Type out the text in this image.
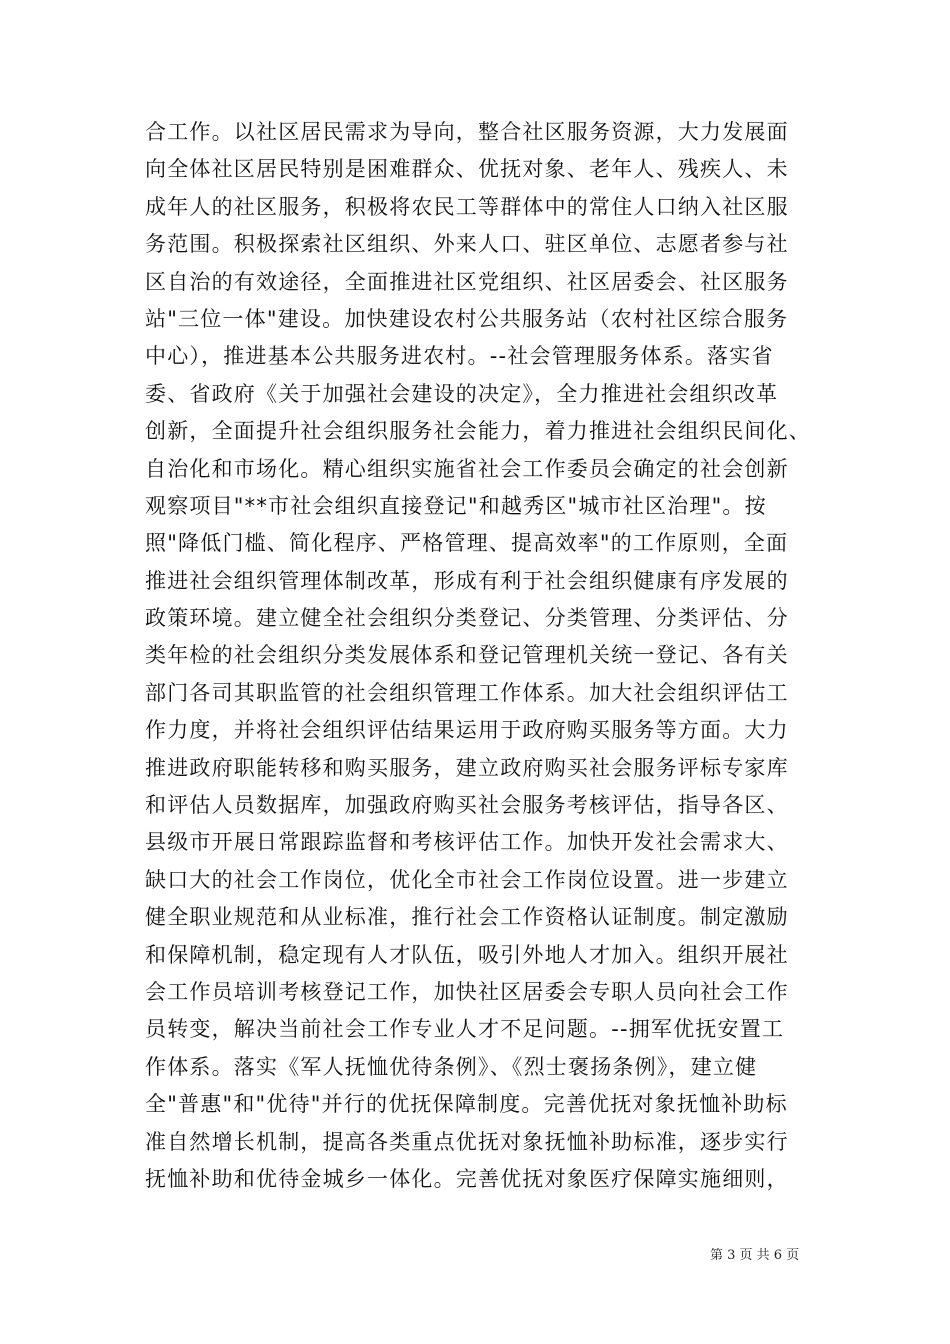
合工作。以社区居民需求为导向，整合社区服务资源，大力发展面
向全体社区居民特别是困难群众、优抚对象、老年人、残疾人、未
成年人的社区服务，积极将农民工等群体中的常住人口纳入社区服
务范围。积极探索社区组织、外来人口、驻区单位、志愿者参与社
区自治的有效途径，全面推进社区党组织、社区居委会、社区服务
站"三位一体"建设。加快建设农村公共服务站（农村社区综合服务
中心），推进基本公共服务进农村。--社会管理服务体系。落实省
委、省政府《关于加强社会建设的决定》，全力推进社会组织改革
创新，全面提升社会组织服务社会能力，着力推进社会组织民间化、
自治化和市场化。精心组织实施省社会工作委员会确定的社会创新
观察项目"**市社会组织直接登记"和越秀区"城市社区治理"。按
照"降低门槛、简化程序、严格管理、提高效率"的工作原则，全面
推进社会组织管理体制改革，形成有利于社会组织健康有序发展的
政策环境。建立健全社会组织分类登记、分类管理、分类评估、分
类年检的社会组织分类发展体系和登记管理机关统一登记、各有关
部门各司其职监管的社会组织管理工作体系。加大社会组织评估工
作力度，并将社会组织评估结果运用于政府购买服务等方面。大力
推进政府职能转移和购买服务，建立政府购买社会服务评标专家库
和评估人员数据库，加强政府购买社会服务考核评估，指导各区、
县级市开展日常跟踪监督和考核评估工作。加快开发社会需求大、
缺口大的社会工作岗位，优化全市社会工作岗位设置。进一步建立
健全职业规范和从业标准，推行社会工作资格认证制度。制定激励
和保障机制，稳定现有人才队伍，吸引外地人才加入。组织开展社
会工作员培训考核登记工作，加快社区居委会专职人员向社会工作
员转变，解决当前社会工作专业人才不足问题。--拥军优抚安置工
作体系。落实《军人抚恤优待条例》、《烈士褒扬条例》，建立健
全"普惠"和"优待"并行的优抚保障制度。完善优抚对象抚恤补助标
准自然增长机制，提高各类重点优抚对象抚恤补助标准，逐步实行
抚恤补助和优待金城乡一体化。完善优抚对象医疗保障实施细则，
第 3 页 共 6 页
